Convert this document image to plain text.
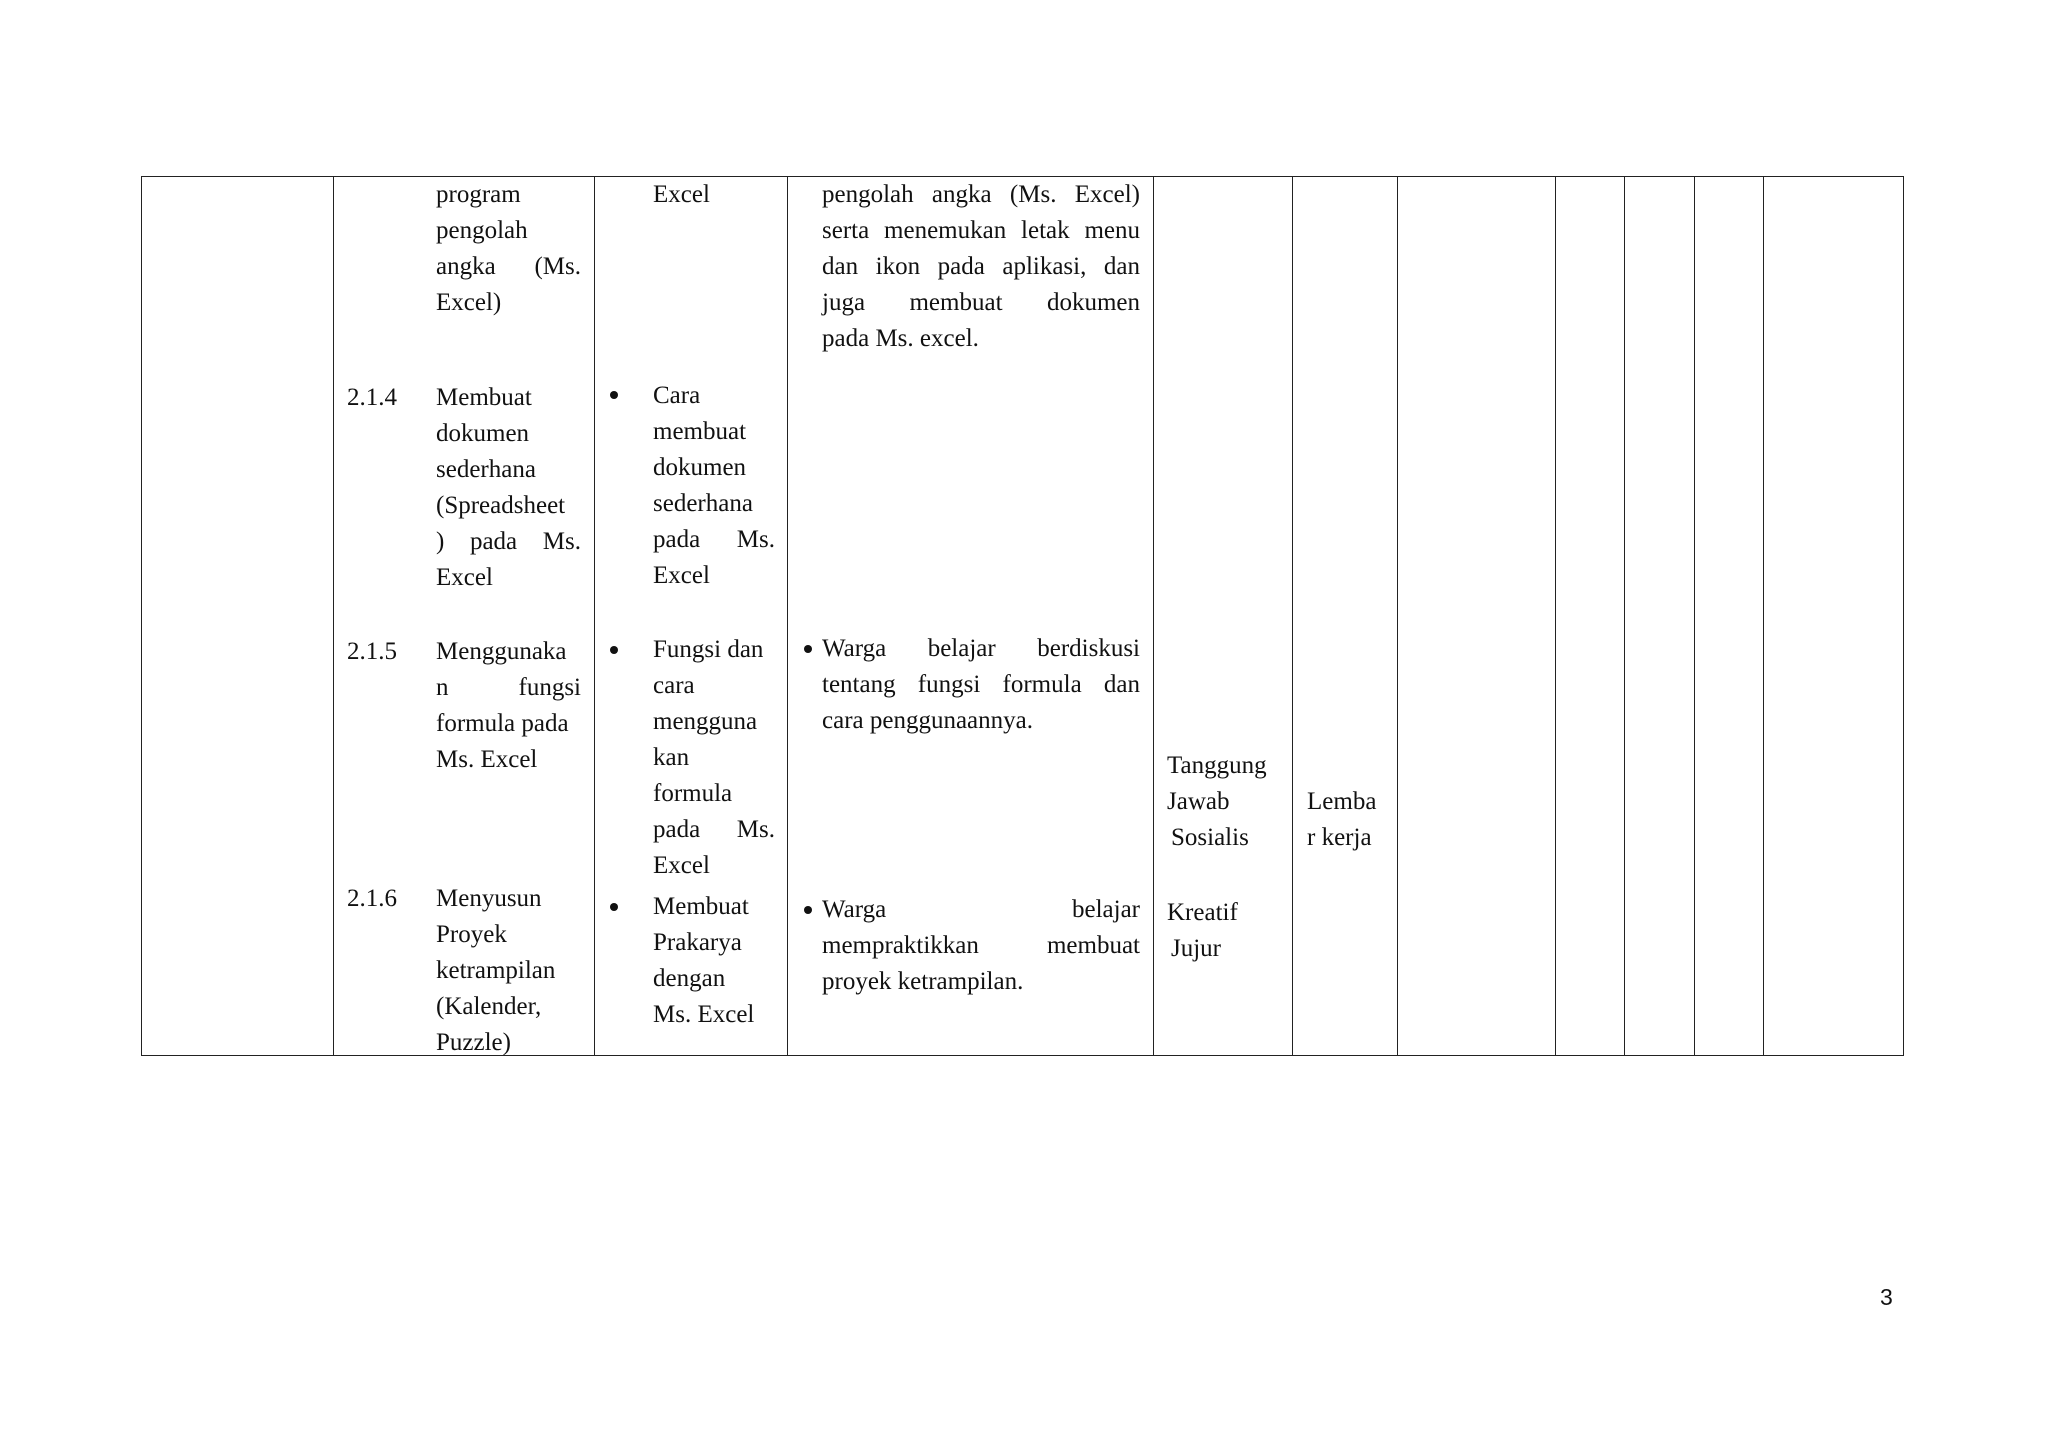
program
pengolah
angka (Ms.
Excel)
Excel	pengolah angka (Ms. Excel)
serta menemukan letak menu
dan ikon pada aplikasi, dan
juga membuat dokumen
pada Ms. excel.
2.1.4 Membuat
dokumen
sederhana
(Spreadsheet
) pada Ms.
Excel
Cara
membuat
dokumen
sederhana
pada Ms.
Excel
2.1.5 Menggunaka
n fungsi
formula pada
Ms. Excel
Fungsi dan
cara
mengguna
kan
formula
pada Ms.
Excel
Warga belajar berdiskusi
tentang fungsi formula dan
cara penggunaannya.
Tanggung
Jawab
Sosialis
Lemba
r kerja
2.1.6 Menyusun
Proyek
ketrampilan
(Kalender,
Puzzle)
Membuat
Prakarya
dengan
Ms. Excel
Warga belajar
mempraktikkan membuat
proyek ketrampilan.
Kreatif
Jujur
3
